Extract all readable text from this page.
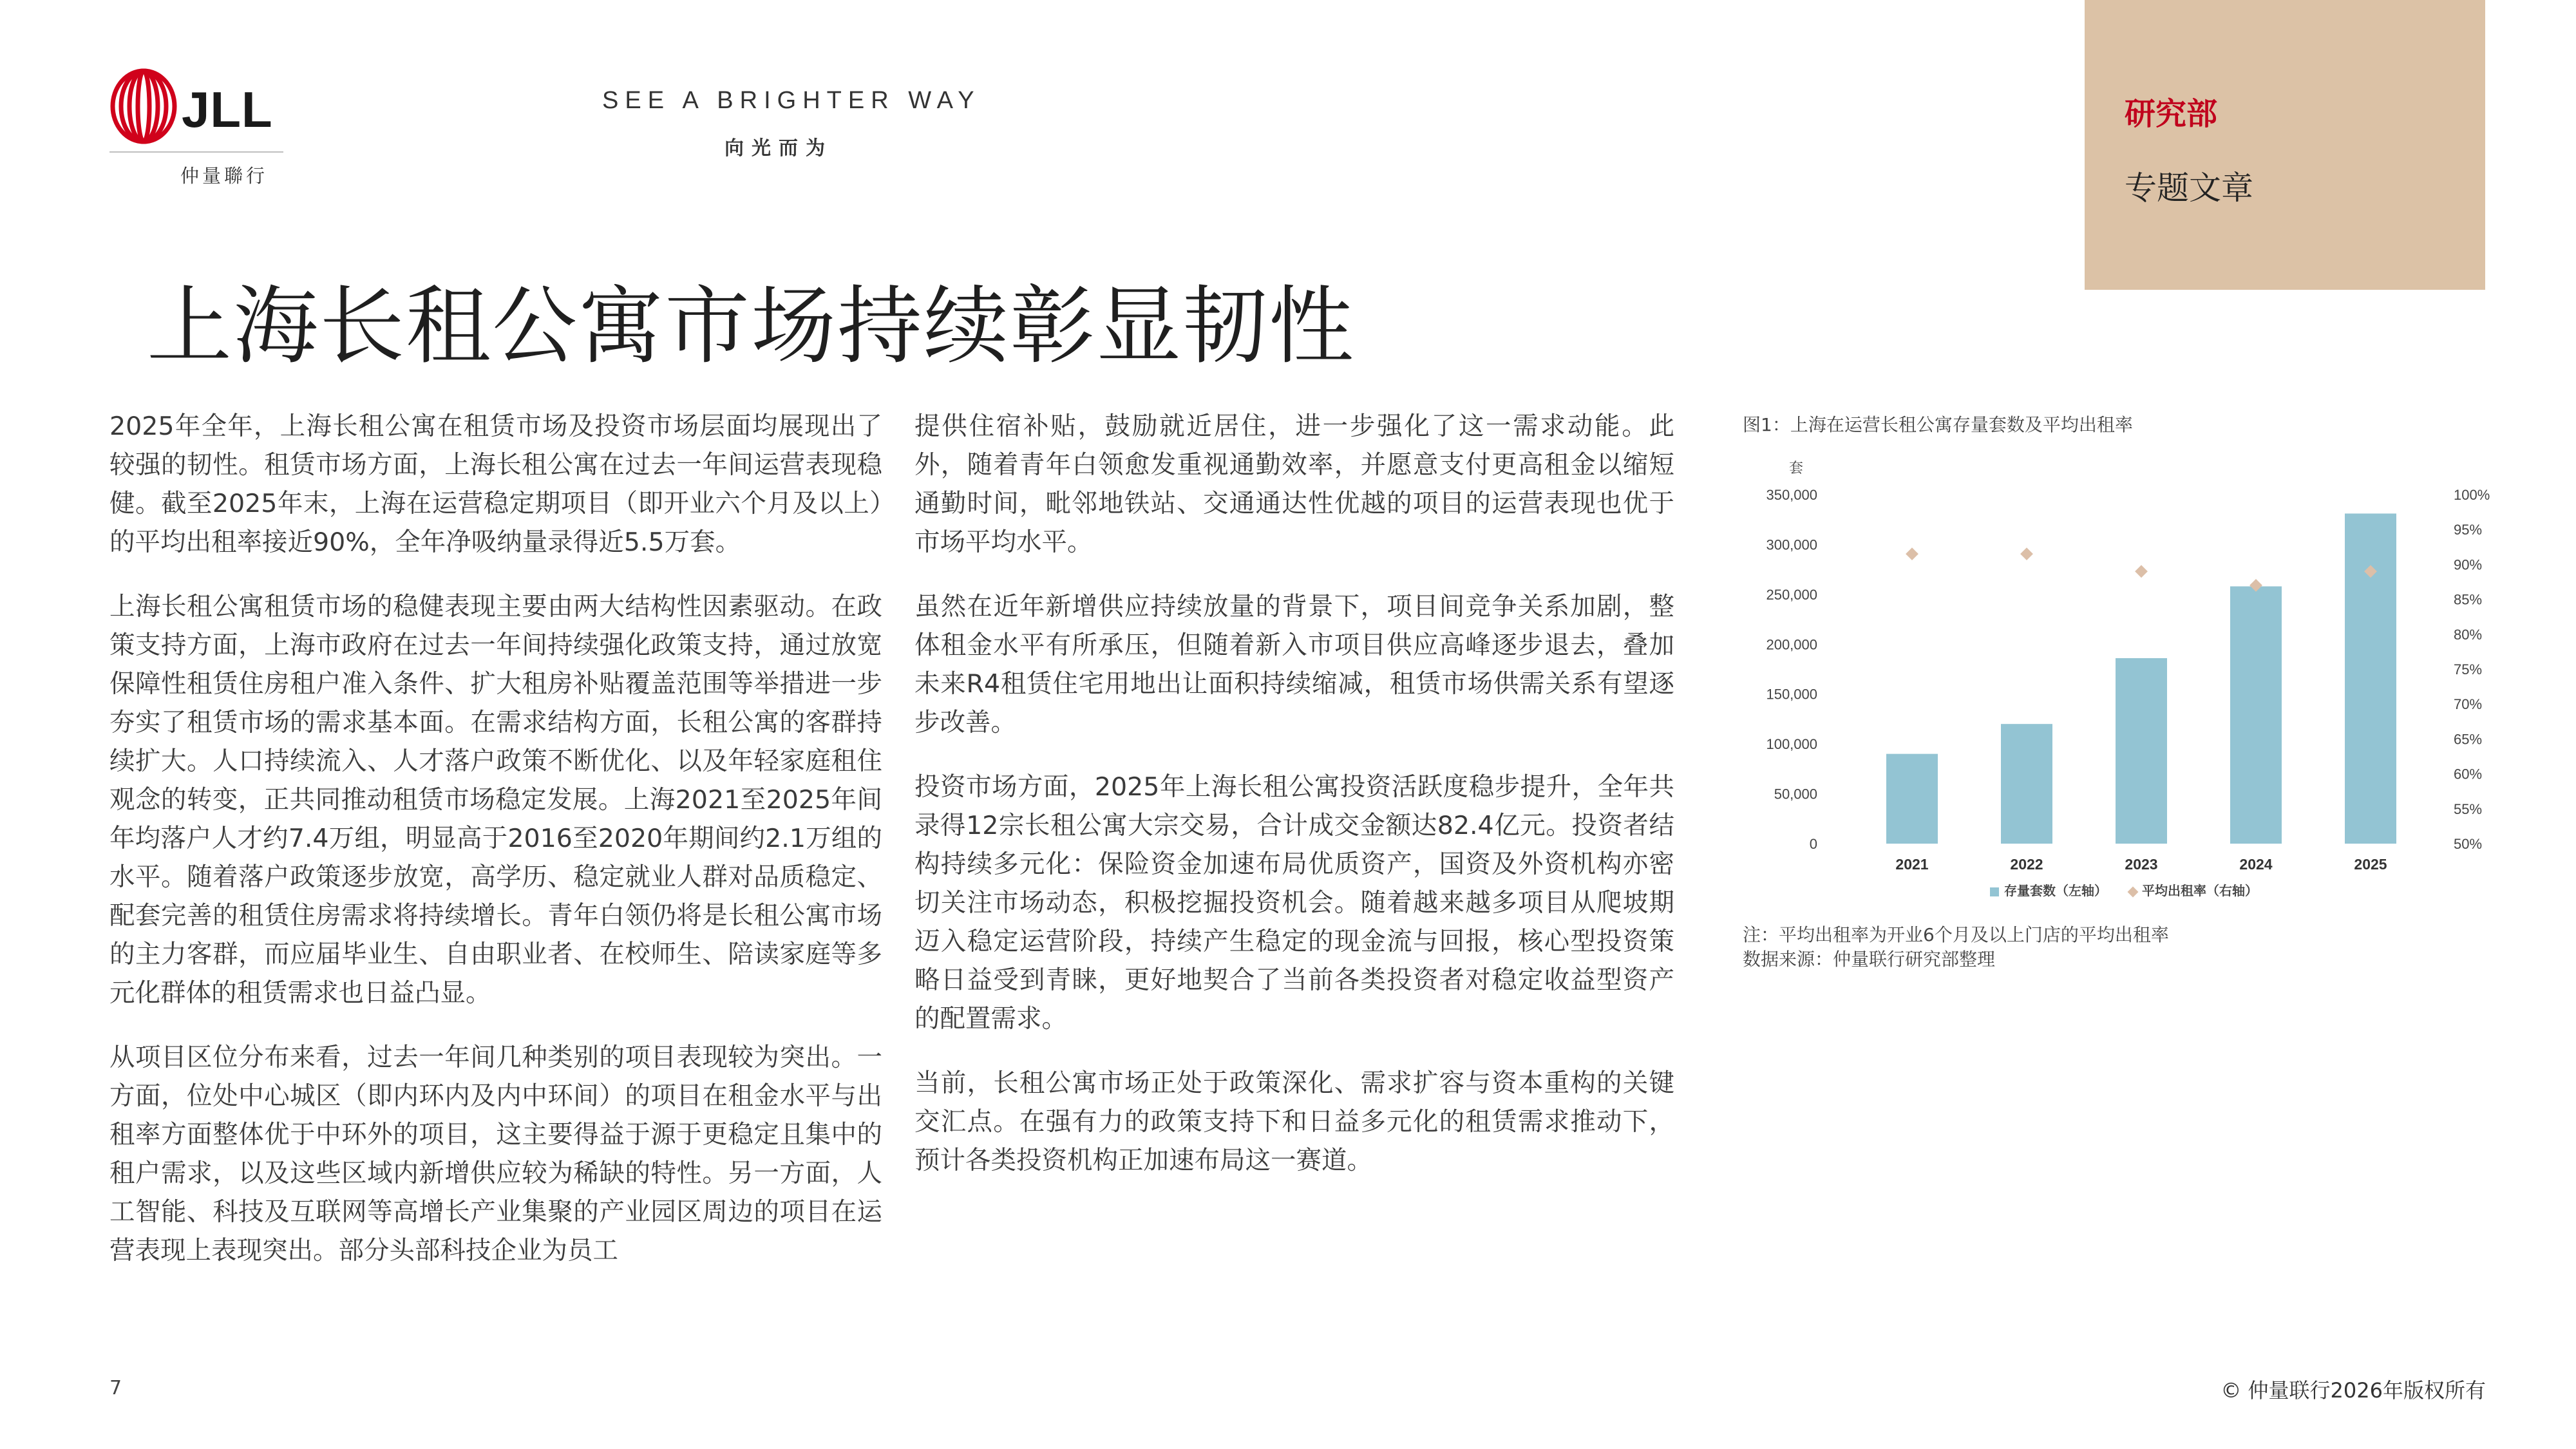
JLL
仲量聯行
SEE A BRIGHTER WAY
向光而为
研究部
专题文章
上海长租公寓市场持续彰显韧性

2025年全年，上海长租公寓在租赁市场及投资市场层面均展现出了较强的韧性。租赁市场方面，上海长租公寓在过去一年间运营表现稳健。截至2025年末，上海在运营稳定期项目（即开业六个月及以上）的平均出租率接近90%，全年净吸纳量录得近5.5万套。

上海长租公寓租赁市场的稳健表现主要由两大结构性因素驱动。在政策支持方面，上海市政府在过去一年间持续强化政策支持，通过放宽保障性租赁住房租户准入条件、扩大租房补贴覆盖范围等举措进一步夯实了租赁市场的需求基本面。在需求结构方面，长租公寓的客群持续扩大。人口持续流入、人才落户政策不断优化、以及年轻家庭租住观念的转变，正共同推动租赁市场稳定发展。上海2021至2025年间年均落户人才约7.4万组，明显高于2016至2020年期间约2.1万组的水平。随着落户政策逐步放宽，高学历、稳定就业人群对品质稳定、配套完善的租赁住房需求将持续增长。青年白领仍将是长租公寓市场的主力客群，而应届毕业生、自由职业者、在校师生、陪读家庭等多元化群体的租赁需求也日益凸显。

从项目区位分布来看，过去一年间几种类别的项目表现较为突出。一方面，位处中心城区（即内环内及内中环间）的项目在租金水平与出租率方面整体优于中环外的项目，这主要得益于源于更稳定且集中的租户需求，以及这些区域内新增供应较为稀缺的特性。另一方面，人工智能、科技及互联网等高增长产业集聚的产业园区周边的项目在运营表现上表现突出。部分头部科技企业为员工

提供住宿补贴，鼓励就近居住，进一步强化了这一需求动能。此外，随着青年白领愈发重视通勤效率，并愿意支付更高租金以缩短通勤时间，毗邻地铁站、交通通达性优越的项目的运营表现也优于市场平均水平。

虽然在近年新增供应持续放量的背景下，项目间竞争关系加剧，整体租金水平有所承压，但随着新入市项目供应高峰逐步退去，叠加未来R4租赁住宅用地出让面积持续缩减，租赁市场供需关系有望逐步改善。

投资市场方面，2025年上海长租公寓投资活跃度稳步提升，全年共录得12宗长租公寓大宗交易，合计成交金额达82.4亿元。投资者结构持续多元化：保险资金加速布局优质资产，国资及外资机构亦密切关注市场动态，积极挖掘投资机会。随着越来越多项目从爬坡期迈入稳定运营阶段，持续产生稳定的现金流与回报，核心型投资策略日益受到青睐，更好地契合了当前各类投资者对稳定收益型资产的配置需求。

当前，长租公寓市场正处于政策深化、需求扩容与资本重构的关键交汇点。在强有力的政策支持下和日益多元化的租赁需求推动下，预计各类投资机构正加速布局这一赛道。

图1：上海在运营长租公寓存量套数及平均出租率
套
0
50,000
100,000
150,000
200,000
250,000
300,000
350,000
50%
55%
60%
65%
70%
75%
80%
85%
90%
95%
100%
2021	2022	2023	2024	2025
存量套数（左轴）	平均出租率（右轴）
注：平均出租率为开业6个月及以上门店的平均出租率
数据来源：仲量联行研究部整理
7	© 仲量联行2026年版权所有
